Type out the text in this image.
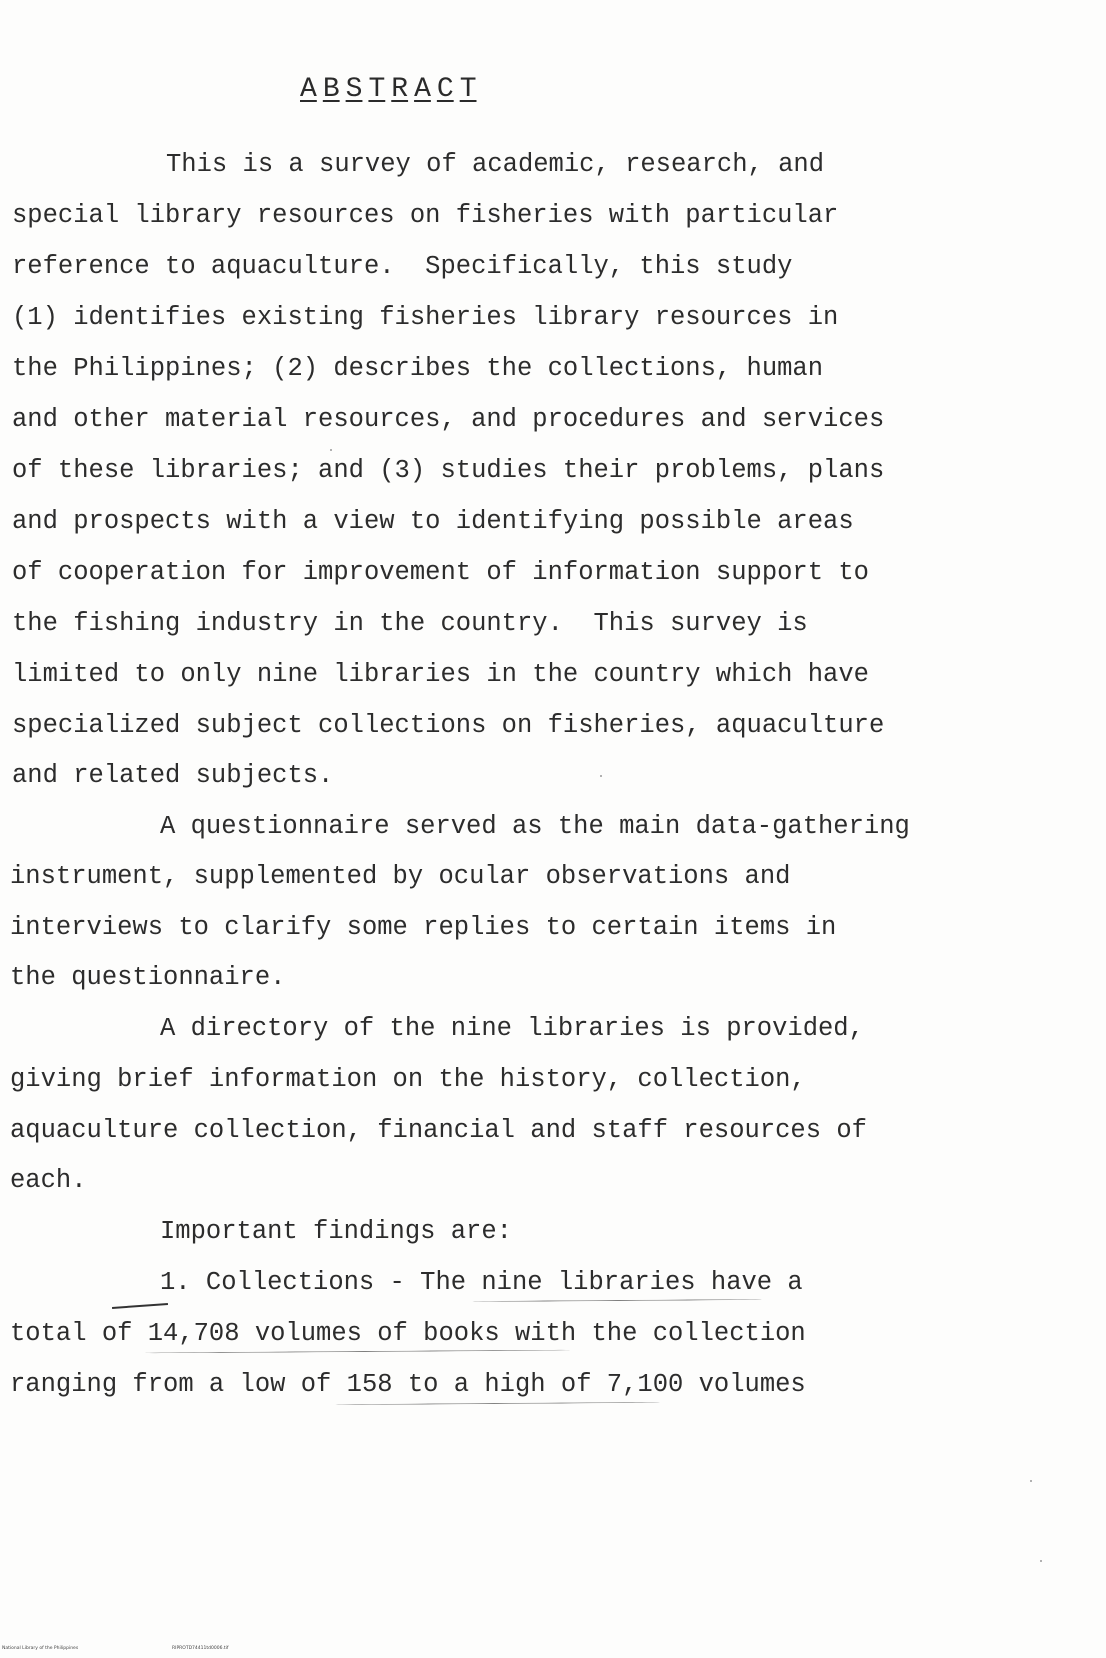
A B S T R A C T
This is a survey of academic, research, and
special library resources on fisheries with particular
reference to aquaculture.  Specifically, this study
(1) identifies existing fisheries library resources in
the Philippines; (2) describes the collections, human
and other material resources, and procedures and services
of these libraries; and (3) studies their problems, plans
and prospects with a view to identifying possible areas
of cooperation for improvement of information support to
the fishing industry in the country.  This survey is
limited to only nine libraries in the country which have
specialized subject collections on fisheries, aquaculture
and related subjects.
A questionnaire served as the main data-gathering
instrument, supplemented by ocular observations and
interviews to clarify some replies to certain items in
the questionnaire.
A directory of the nine libraries is provided,
giving brief information on the history, collection,
aquaculture collection, financial and staff resources of
each.
Important findings are:
1. Collections - The nine libraries have a
total of 14,708 volumes of books with the collection
ranging from a low of 158 to a high of 7,100 volumes
National Library of the Philippines	RIPROTD74411td0006.tif
